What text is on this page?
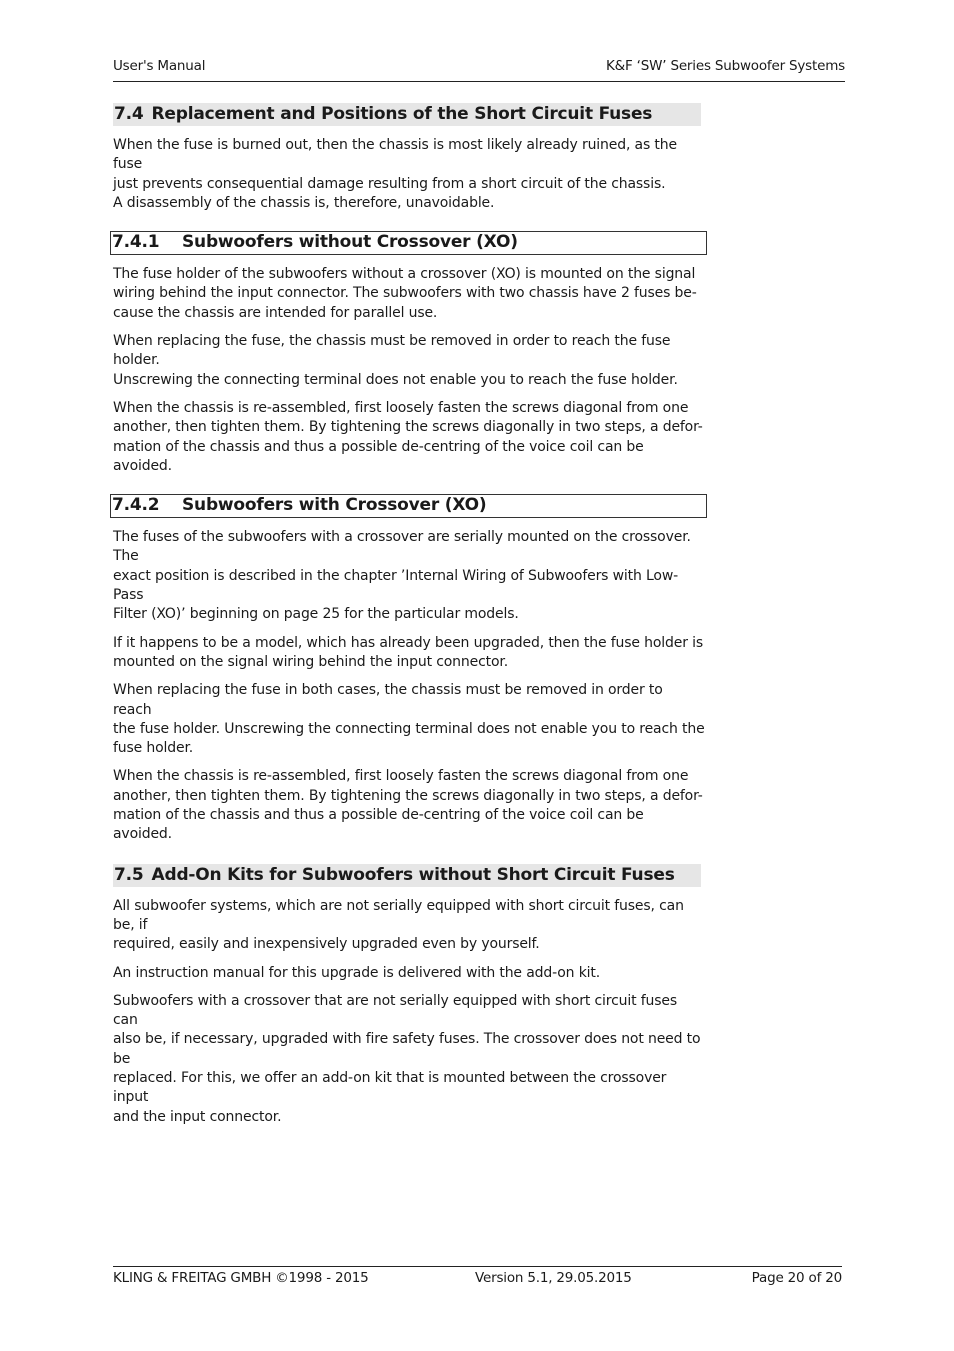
User's Manual	K&F ‘SW’ Series Subwoofer Systems
7.4 Replacement and Positions of the Short Circuit Fuses

When the fuse is burned out, then the chassis is most likely already ruined, as the fuse
just prevents consequential damage resulting from a short circuit of the chassis.
A disassembly of the chassis is, therefore, unavoidable.

7.4.1 Subwoofers without Crossover (XO)

The fuse holder of the subwoofers without a crossover (XO) is mounted on the signal
wiring behind the input connector. The subwoofers with two chassis have 2 fuses be-
cause the chassis are intended for parallel use.

When replacing the fuse, the chassis must be removed in order to reach the fuse holder.
Unscrewing the connecting terminal does not enable you to reach the fuse holder.

When the chassis is re-assembled, first loosely fasten the screws diagonal from one
another, then tighten them. By tightening the screws diagonally in two steps, a defor-
mation of the chassis and thus a possible de-centring of the voice coil can be avoided.

7.4.2 Subwoofers with Crossover (XO)

The fuses of the subwoofers with a crossover are serially mounted on the crossover. The
exact position is described in the chapter ’Internal Wiring of Subwoofers with Low-Pass
Filter (XO)’ beginning on page 25 for the particular models.

If it happens to be a model, which has already been upgraded, then the fuse holder is
mounted on the signal wiring behind the input connector.

When replacing the fuse in both cases, the chassis must be removed in order to reach
the fuse holder. Unscrewing the connecting terminal does not enable you to reach the
fuse holder.

When the chassis is re-assembled, first loosely fasten the screws diagonal from one
another, then tighten them. By tightening the screws diagonally in two steps, a defor-
mation of the chassis and thus a possible de-centring of the voice coil can be avoided.

7.5 Add-On Kits for Subwoofers without Short Circuit Fuses

All subwoofer systems, which are not serially equipped with short circuit fuses, can be, if
required, easily and inexpensively upgraded even by yourself.

An instruction manual for this upgrade is delivered with the add-on kit.

Subwoofers with a crossover that are not serially equipped with short circuit fuses can
also be, if necessary, upgraded with fire safety fuses. The crossover does not need to be
replaced. For this, we offer an add-on kit that is mounted between the crossover input
and the input connector.

KLING & FREITAG GMBH ©1998 - 2015	Version 5.1, 29.05.2015	Page 20 of 20
